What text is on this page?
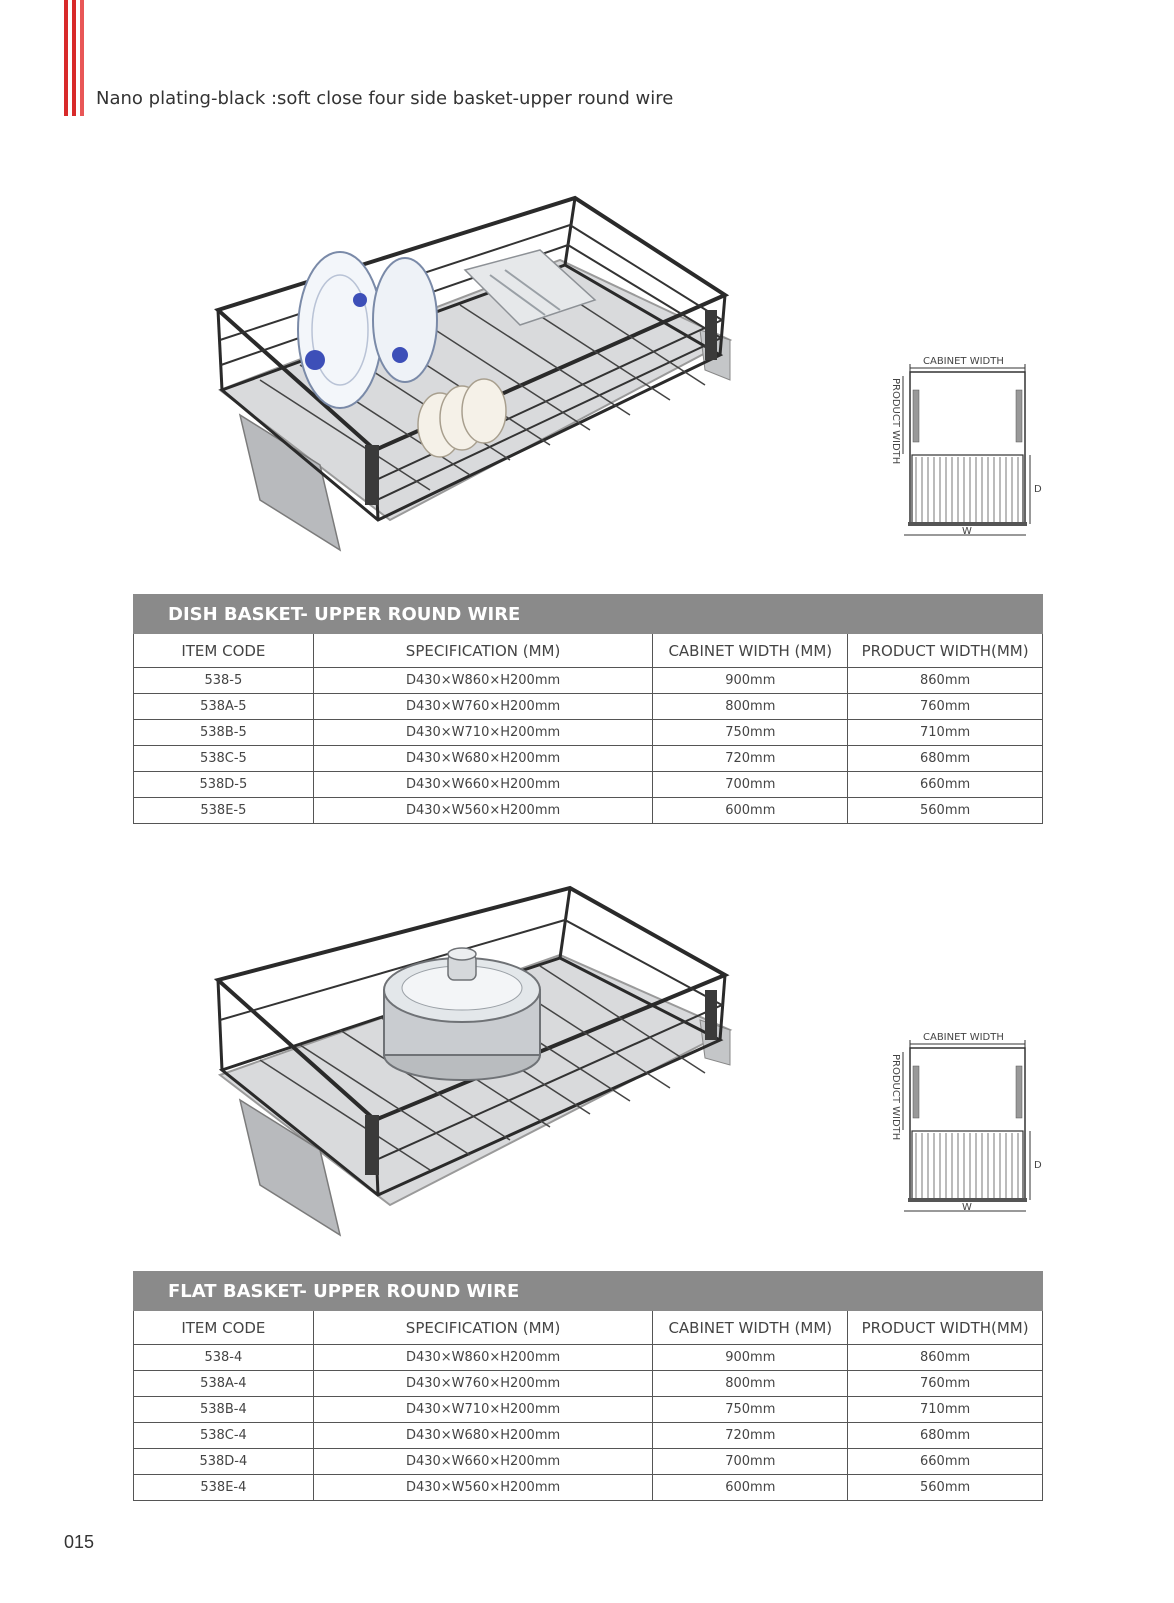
Nano plating-black :soft close four side basket-upper round wire
CABINET WIDTH
PRODUCT WIDTH
D
W
DISH BASKET- UPPER ROUND WIRE			
ITEM CODE	SPECIFICATION (MM)	CABINET WIDTH (MM)	PRODUCT WIDTH(MM)
538-5	D430×W860×H200mm	900mm	860mm
538A-5	D430×W760×H200mm	800mm	760mm
538B-5	D430×W710×H200mm	750mm	710mm
538C-5	D430×W680×H200mm	720mm	680mm
538D-5	D430×W660×H200mm	700mm	660mm
538E-5	D430×W560×H200mm	600mm	560mm
CABINET WIDTH
PRODUCT WIDTH
D
W
FLAT BASKET- UPPER ROUND WIRE			
ITEM CODE	SPECIFICATION (MM)	CABINET WIDTH (MM)	PRODUCT WIDTH(MM)
538-4	D430×W860×H200mm	900mm	860mm
538A-4	D430×W760×H200mm	800mm	760mm
538B-4	D430×W710×H200mm	750mm	710mm
538C-4	D430×W680×H200mm	720mm	680mm
538D-4	D430×W660×H200mm	700mm	660mm
538E-4	D430×W560×H200mm	600mm	560mm
015
